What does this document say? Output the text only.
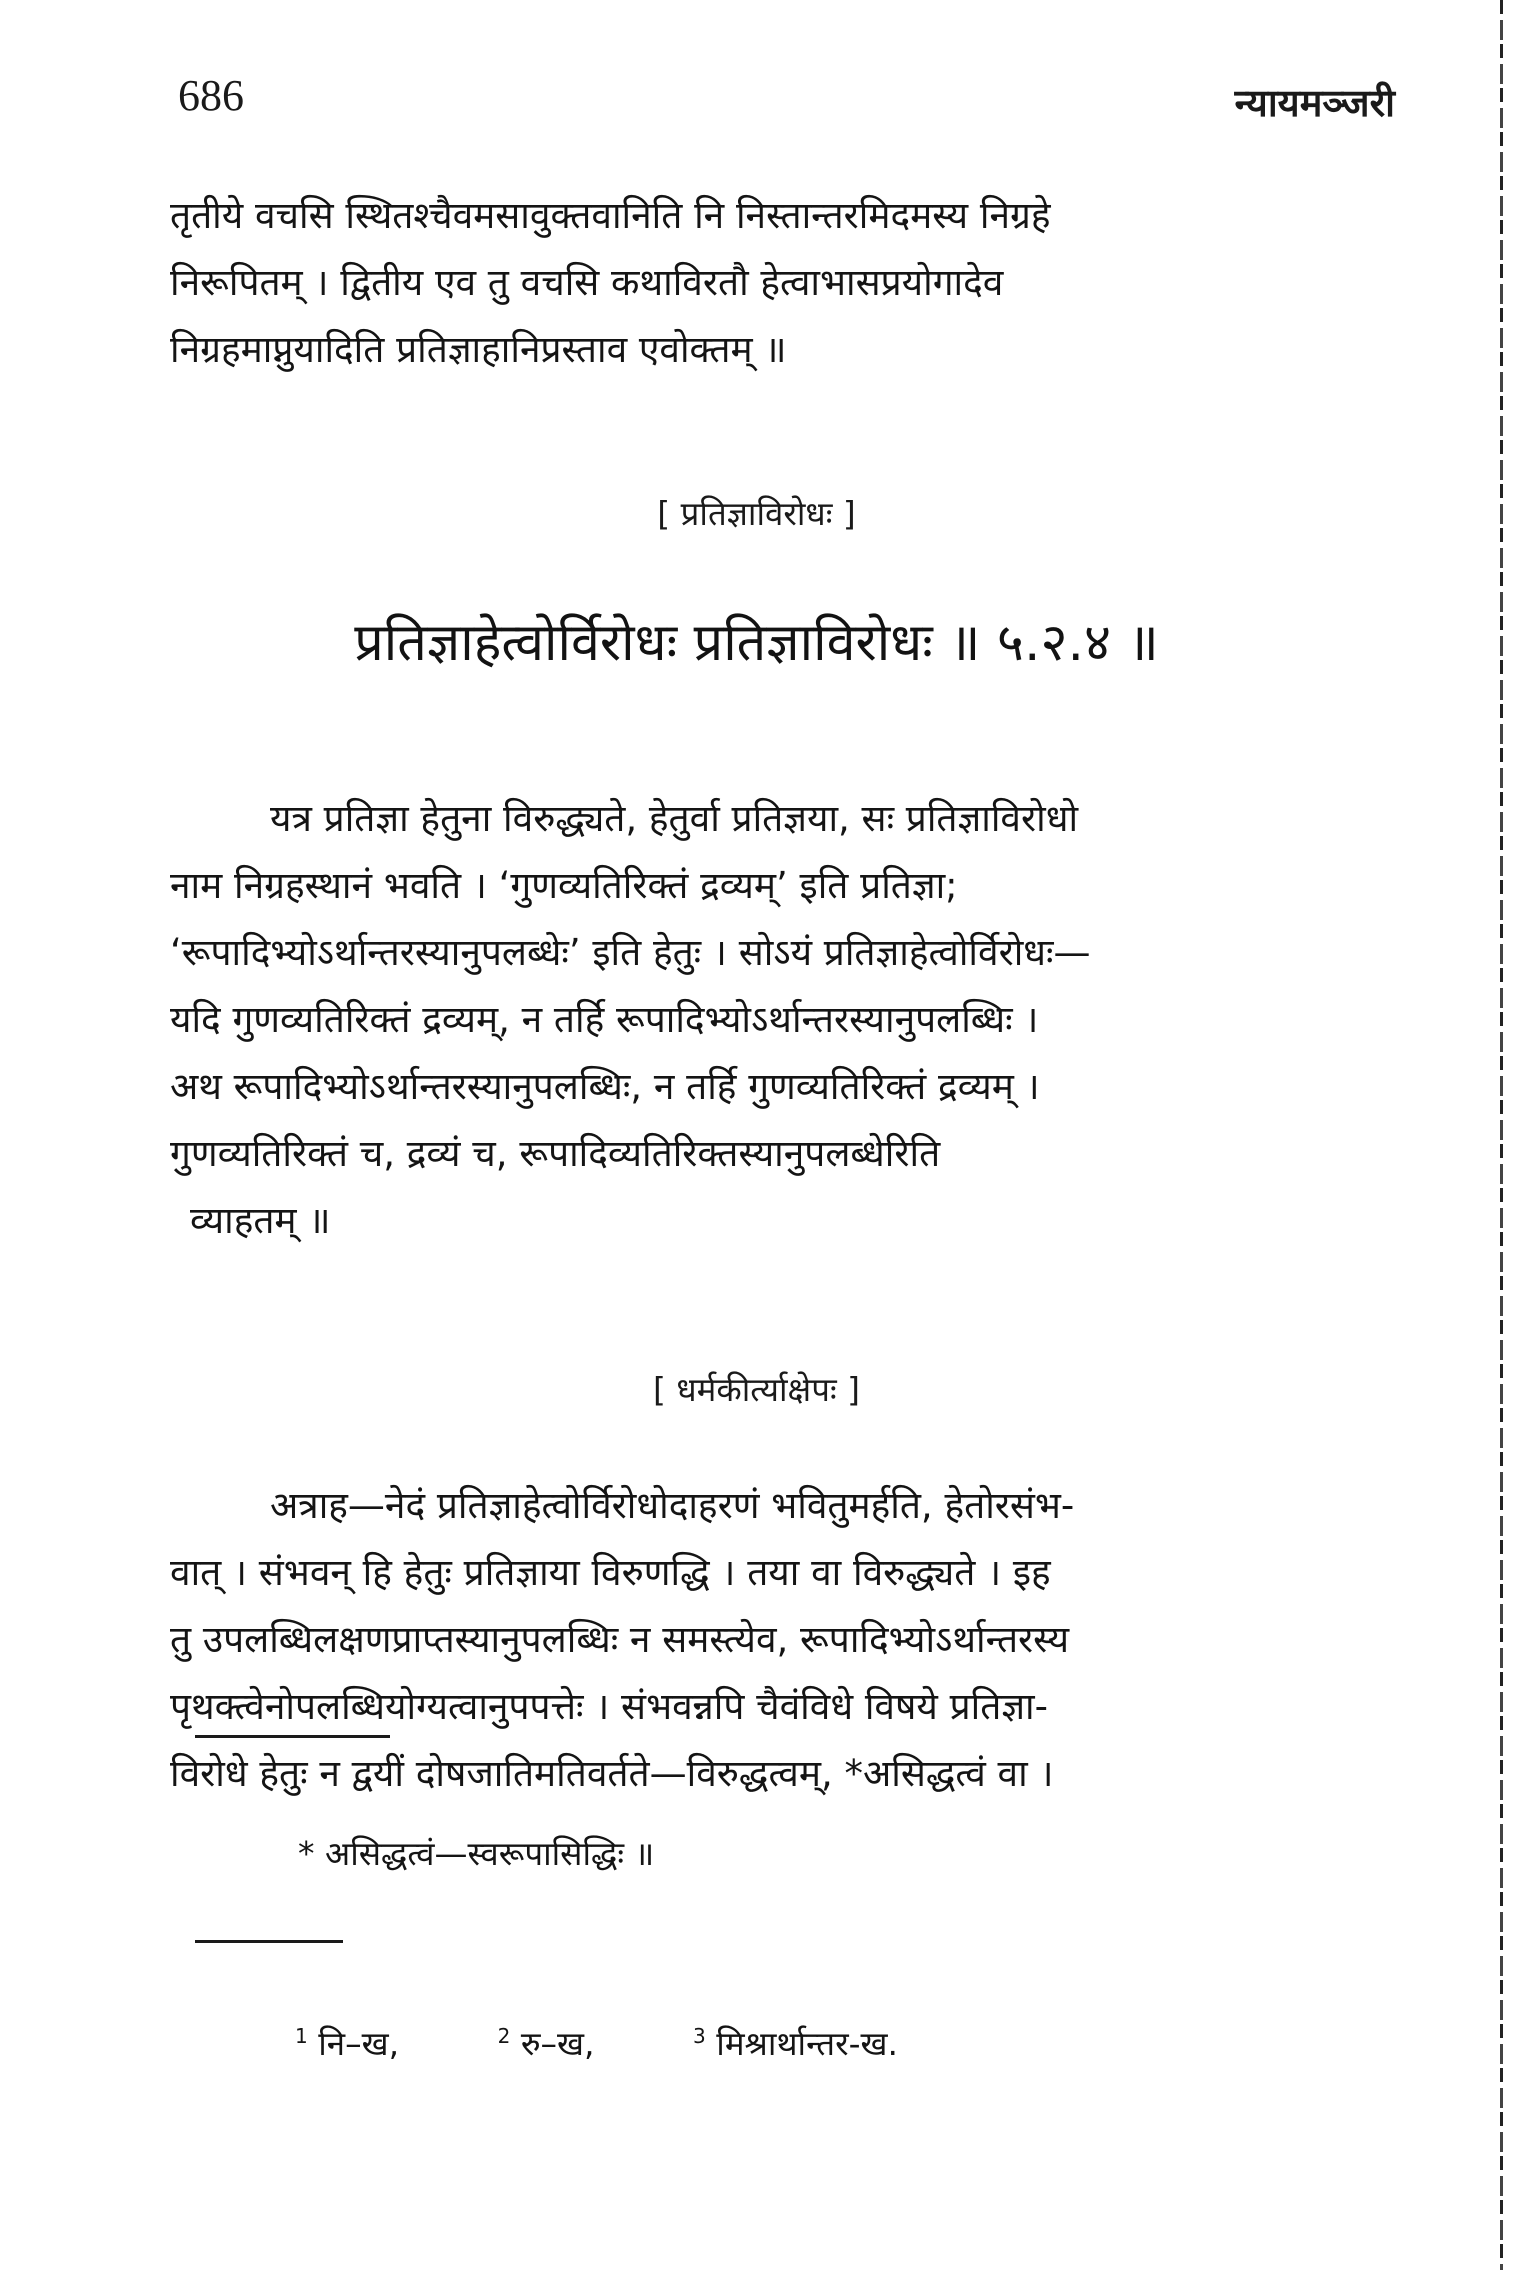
686	न्यायमञ्जरी
तृतीये वचसि स्थितश्चैवमसावुक्तवानिति नि निस्तान्तरमिदमस्य निग्रहे
निरूपितम् । द्वितीय एव तु वचसि कथाविरतौ हेत्वाभासप्रयोगादेव
निग्रहमाप्नुयादिति प्रतिज्ञाहानिप्रस्ताव एवोक्तम् ॥
[ प्रतिज्ञाविरोधः ]
प्रतिज्ञाहेत्वोर्विरोधः प्रतिज्ञाविरोधः ॥ ५.२.४ ॥
यत्र प्रतिज्ञा हेतुना विरुद्ध्यते, हेतुर्वा प्रतिज्ञया, सः प्रतिज्ञाविरोधो
नाम निग्रहस्थानं भवति । ‘गुणव्यतिरिक्तं द्रव्यम्’ इति प्रतिज्ञा;
‘रूपादिभ्योऽर्थान्तरस्यानुपलब्धेः’ इति हेतुः । सोऽयं प्रतिज्ञाहेत्वोर्विरोधः—
यदि गुणव्यतिरिक्तं द्रव्यम्, न तर्हि रूपादिभ्योऽर्थान्तरस्यानुपलब्धिः ।
अथ रूपादिभ्योऽर्थान्तरस्यानुपलब्धिः, न तर्हि गुणव्यतिरिक्तं द्रव्यम् ।
गुणव्यतिरिक्तं च, द्रव्यं च, रूपादिव्यतिरिक्तस्यानुपलब्धेरिति
व्याहतम् ॥
[ धर्मकीर्त्याक्षेपः ]
अत्राह—नेदं प्रतिज्ञाहेत्वोर्विरोधोदाहरणं भवितुमर्हति, हेतोरसंभ-
वात् । संभवन् हि हेतुः प्रतिज्ञाया विरुणद्धि । तया वा विरुद्ध्यते । इह
तु उपलब्धिलक्षणप्राप्तस्यानुपलब्धिः न समस्त्येव, रूपादिभ्योऽर्थान्तरस्य
पृथक्त्वेनोपलब्धियोग्यत्वानुपपत्तेः । संभवन्नपि चैवंविधे विषये प्रतिज्ञा-
विरोधे हेतुः न द्वयीं दोषजातिमतिवर्तते—विरुद्धत्वम्, *असिद्धत्वं वा ।
* असिद्धत्वं—स्वरूपासिद्धिः ॥
$^1$ नि–ख,	$^2$ रु–ख,	$^3$ मिश्रार्थान्तर-ख.
